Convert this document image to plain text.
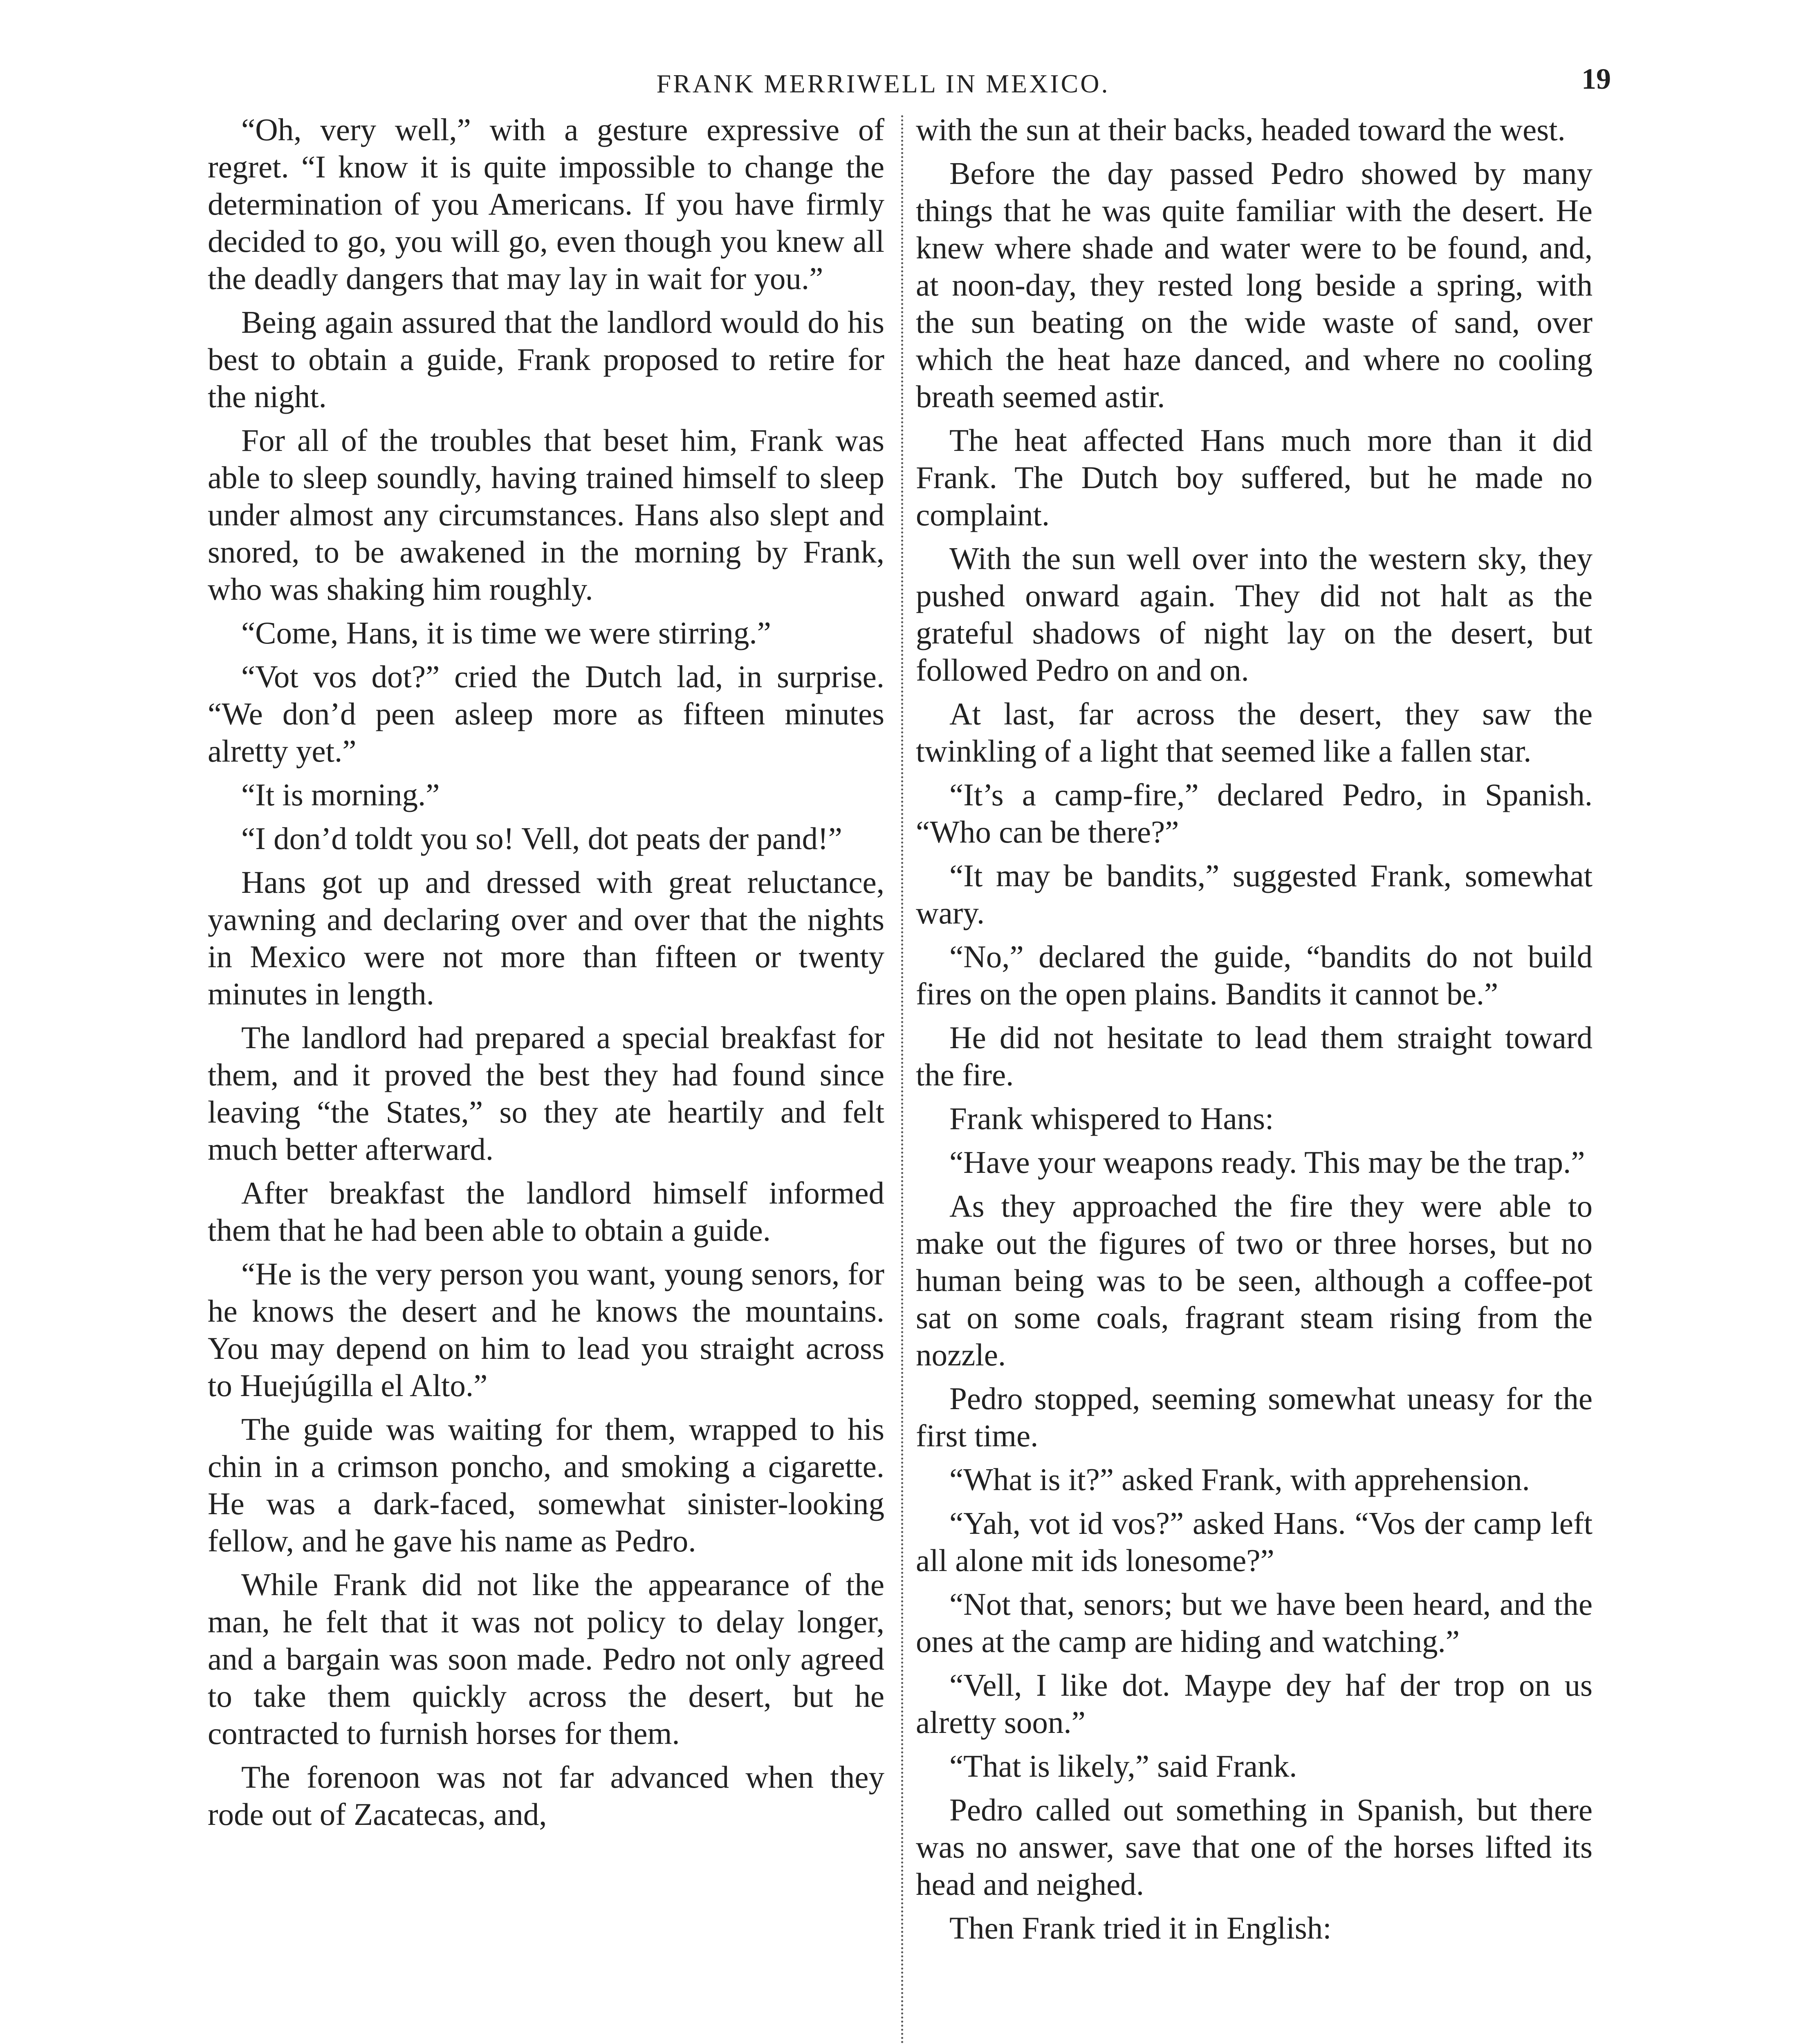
FRANK MERRIWELL IN MEXICO.	19

“Oh, very well,” with a gesture expressive of regret. “I know it is quite impossible to change the determination of you Americans. If you have firmly decided to go, you will go, even though you knew all the deadly dangers that may lay in wait for you.”

Being again assured that the landlord would do his best to obtain a guide, Frank proposed to retire for the night.

For all of the troubles that beset him, Frank was able to sleep soundly, having trained himself to sleep under almost any circumstances. Hans also slept and snored, to be awakened in the morning by Frank, who was shaking him roughly.

“Come, Hans, it is time we were stirring.”

“Vot vos dot?” cried the Dutch lad, in surprise. “We don’d peen asleep more as fifteen minutes alretty yet.”

“It is morning.”

“I don’d toldt you so! Vell, dot peats der pand!”

Hans got up and dressed with great reluctance, yawning and declaring over and over that the nights in Mexico were not more than fifteen or twenty minutes in length.

The landlord had prepared a special breakfast for them, and it proved the best they had found since leaving “the States,” so they ate heartily and felt much better afterward.

After breakfast the landlord himself informed them that he had been able to obtain a guide.

“He is the very person you want, young senors, for he knows the desert and he knows the mountains. You may depend on him to lead you straight across to Huejúgilla el Alto.”

The guide was waiting for them, wrapped to his chin in a crimson poncho, and smoking a cigarette. He was a dark-faced, somewhat sinister-looking fellow, and he gave his name as Pedro.

While Frank did not like the appearance of the man, he felt that it was not policy to delay longer, and a bargain was soon made. Pedro not only agreed to take them quickly across the desert, but he contracted to furnish horses for them.

The forenoon was not far advanced when they rode out of Zacatecas, and,

with the sun at their backs, headed toward the west.

Before the day passed Pedro showed by many things that he was quite familiar with the desert. He knew where shade and water were to be found, and, at noon-day, they rested long beside a spring, with the sun beating on the wide waste of sand, over which the heat haze danced, and where no cooling breath seemed astir.

The heat affected Hans much more than it did Frank. The Dutch boy suffered, but he made no complaint.

With the sun well over into the western sky, they pushed onward again. They did not halt as the grateful shadows of night lay on the desert, but followed Pedro on and on.

At last, far across the desert, they saw the twinkling of a light that seemed like a fallen star.

“It’s a camp-fire,” declared Pedro, in Spanish. “Who can be there?”

“It may be bandits,” suggested Frank, somewhat wary.

“No,” declared the guide, “bandits do not build fires on the open plains. Bandits it cannot be.”

He did not hesitate to lead them straight toward the fire.

Frank whispered to Hans:

“Have your weapons ready. This may be the trap.”

As they approached the fire they were able to make out the figures of two or three horses, but no human being was to be seen, although a coffee-pot sat on some coals, fragrant steam rising from the nozzle.

Pedro stopped, seeming somewhat uneasy for the first time.

“What is it?” asked Frank, with apprehension.

“Yah, vot id vos?” asked Hans. “Vos der camp left all alone mit ids lonesome?”

“Not that, senors; but we have been heard, and the ones at the camp are hiding and watching.”

“Vell, I like dot. Maype dey haf der trop on us alretty soon.”

“That is likely,” said Frank.

Pedro called out something in Spanish, but there was no answer, save that one of the horses lifted its head and neighed.

Then Frank tried it in English:
